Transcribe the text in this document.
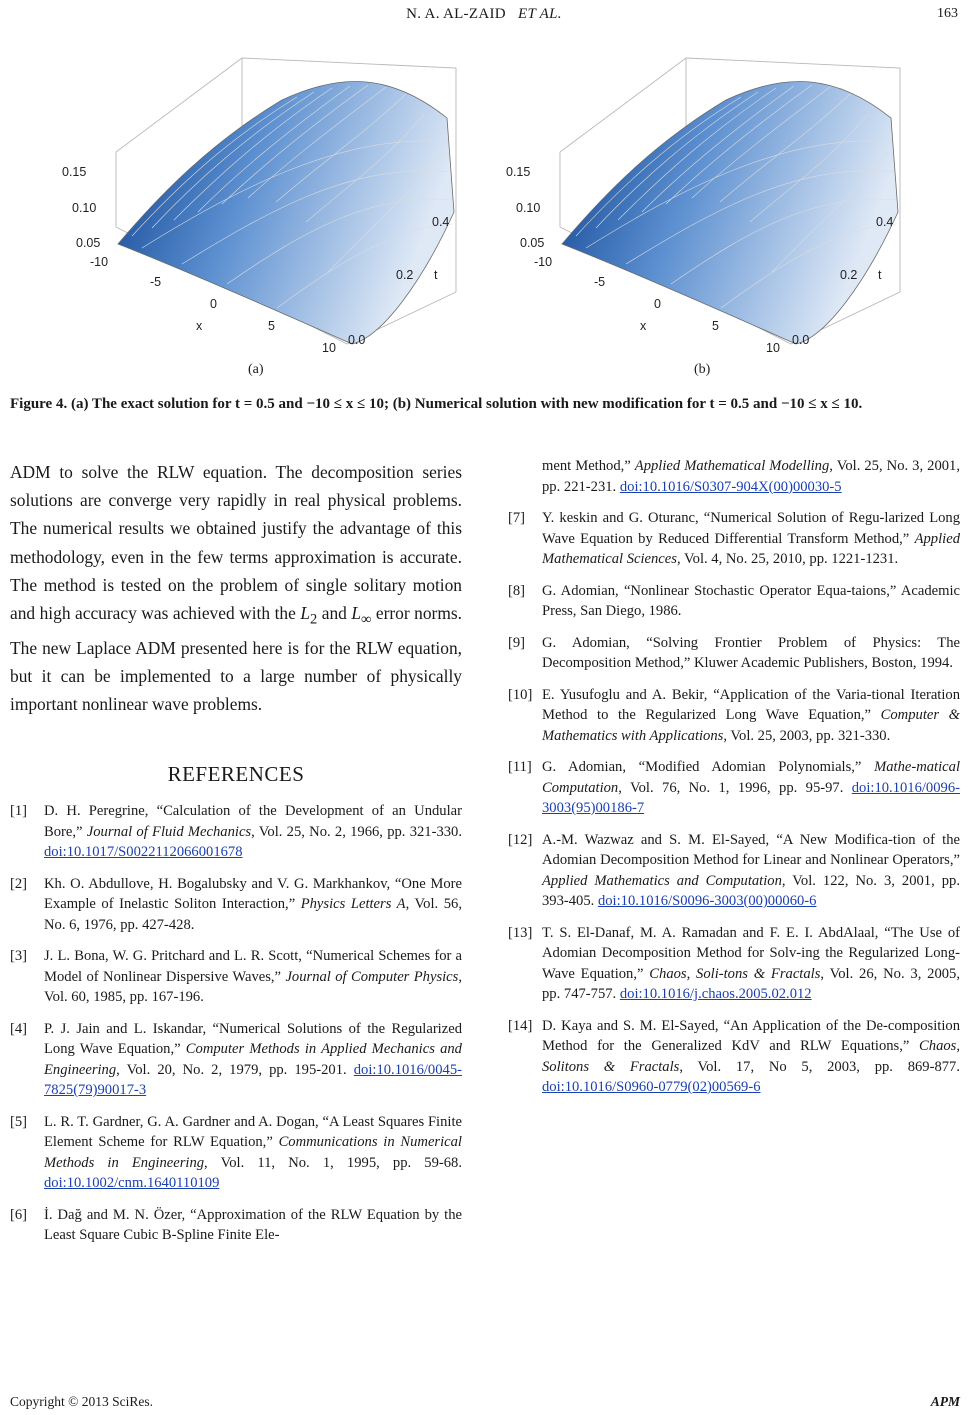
N. A. AL-ZAID ET AL.	163
0.15
0.10
0.05
-10
-5
0
x	5
10
0.0
0.2 t
0.4
0.15
0.10
0.05
-10
-5
0
x	5
10
0.0
0.2 t
0.4
(a)	(b)
Figure 4. (a) The exact solution for t = 0.5 and −10 ≤ x ≤ 10; (b) Numerical solution with new modification for t = 0.5 and −10 ≤ x ≤ 10.

ADM to solve the RLW equation. The decomposition series solutions are converge very rapidly in real physical problems. The numerical results we obtained justify the advantage of this methodology, even in the few terms approximation is accurate. The method is tested on the problem of single solitary motion and high accuracy was achieved with the $L_2$ and $L_\infty$ error norms. The new Laplace ADM presented here is for the RLW equation, but it can be implemented to a large number of physically important nonlinear wave problems.

REFERENCES
[1]	D. H. Peregrine, “Calculation of the Development of an Undular Bore,” Journal of Fluid Mechanics, Vol. 25, No. 2, 1966, pp. 321-330. doi:10.1017/S0022112066001678
[2]	Kh. O. Abdullove, H. Bogalubsky and V. G. Markhankov, “One More Example of Inelastic Soliton Interaction,” Physics Letters A, Vol. 56, No. 6, 1976, pp. 427-428.
[3]	J. L. Bona, W. G. Pritchard and L. R. Scott, “Numerical Schemes for a Model of Nonlinear Dispersive Waves,” Journal of Computer Physics, Vol. 60, 1985, pp. 167-196.
[4]	P. J. Jain and L. Iskandar, “Numerical Solutions of the Regularized Long Wave Equation,” Computer Methods in Applied Mechanics and Engineering, Vol. 20, No. 2, 1979, pp. 195-201. doi:10.1016/0045-7825(79)90017-3
[5]	L. R. T. Gardner, G. A. Gardner and A. Dogan, “A Least Squares Finite Element Scheme for RLW Equation,” Communications in Numerical Methods in Engineering, Vol. 11, No. 1, 1995, pp. 59-68. doi:10.1002/cnm.1640110109
[6]	İ. Dağ and M. N. Özer, “Approximation of the RLW Equation by the Least Square Cubic B-Spline Finite Ele-
ment Method,” Applied Mathematical Modelling, Vol. 25, No. 3, 2001, pp. 221-231. doi:10.1016/S0307-904X(00)00030-5
[7]	Y. keskin and G. Oturanc, “Numerical Solution of Regu-larized Long Wave Equation by Reduced Differential Transform Method,” Applied Mathematical Sciences, Vol. 4, No. 25, 2010, pp. 1221-1231.
[8]	G. Adomian, “Nonlinear Stochastic Operator Equa-taions,” Academic Press, San Diego, 1986.
[9]	G. Adomian, “Solving Frontier Problem of Physics: The Decomposition Method,” Kluwer Academic Publishers, Boston, 1994.
[10] E. Yusufoglu and A. Bekir, “Application of the Varia-tional Iteration Method to the Regularized Long Wave Equation,” Computer & Mathematics with Applications, Vol. 25, 2003, pp. 321-330.
[11] G. Adomian, “Modified Adomian Polynomials,” Mathe-matical Computation, Vol. 76, No. 1, 1996, pp. 95-97. doi:10.1016/0096-3003(95)00186-7
[12] A.-M. Wazwaz and S. M. El-Sayed, “A New Modifica-tion of the Adomian Decomposition Method for Linear and Nonlinear Operators,” Applied Mathematics and Computation, Vol. 122, No. 3, 2001, pp. 393-405. doi:10.1016/S0096-3003(00)00060-6
[13] T. S. El-Danaf, M. A. Ramadan and F. E. I. AbdAlaal, “The Use of Adomian Decomposition Method for Solv-ing the Regularized Long-Wave Equation,” Chaos, Soli-tons & Fractals, Vol. 26, No. 3, 2005, pp. 747-757. doi:10.1016/j.chaos.2005.02.012
[14] D. Kaya and S. M. El-Sayed, “An Application of the De-composition Method for the Generalized KdV and RLW Equations,” Chaos, Solitons & Fractals, Vol. 17, No 5, 2003, pp. 869-877. doi:10.1016/S0960-0779(02)00569-6
Copyright © 2013 SciRes.	APM
